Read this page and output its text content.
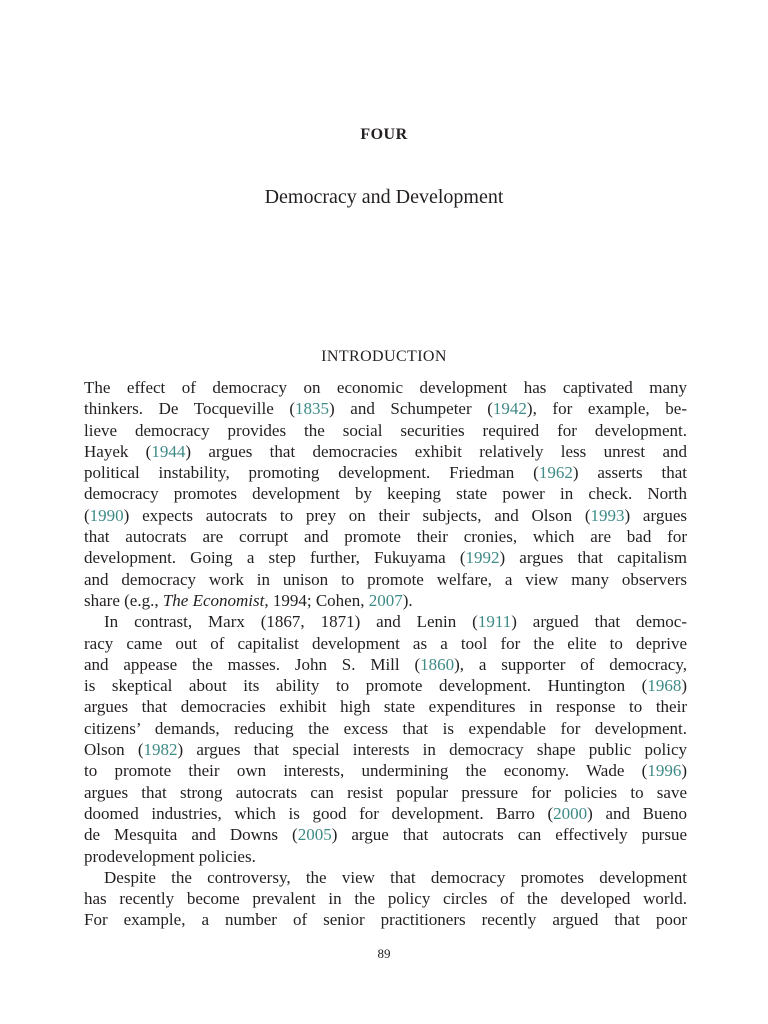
FOUR
Democracy and Development
INTRODUCTION
The effect of democracy on economic development has captivated many
thinkers. De Tocqueville (1835) and Schumpeter (1942), for example, be-
lieve democracy provides the social securities required for development.
Hayek (1944) argues that democracies exhibit relatively less unrest and
political instability, promoting development. Friedman (1962) asserts that
democracy promotes development by keeping state power in check. North
(1990) expects autocrats to prey on their subjects, and Olson (1993) argues
that autocrats are corrupt and promote their cronies, which are bad for
development. Going a step further, Fukuyama (1992) argues that capitalism
and democracy work in unison to promote welfare, a view many observers
share (e.g., The Economist, 1994; Cohen, 2007).
In contrast, Marx (1867, 1871) and Lenin (1911) argued that democ-
racy came out of capitalist development as a tool for the elite to deprive
and appease the masses. John S. Mill (1860), a supporter of democracy,
is skeptical about its ability to promote development. Huntington (1968)
argues that democracies exhibit high state expenditures in response to their
citizens’ demands, reducing the excess that is expendable for development.
Olson (1982) argues that special interests in democracy shape public policy
to promote their own interests, undermining the economy. Wade (1996)
argues that strong autocrats can resist popular pressure for policies to save
doomed industries, which is good for development. Barro (2000) and Bueno
de Mesquita and Downs (2005) argue that autocrats can effectively pursue
prodevelopment policies.
Despite the controversy, the view that democracy promotes development
has recently become prevalent in the policy circles of the developed world.
For example, a number of senior practitioners recently argued that poor
89
